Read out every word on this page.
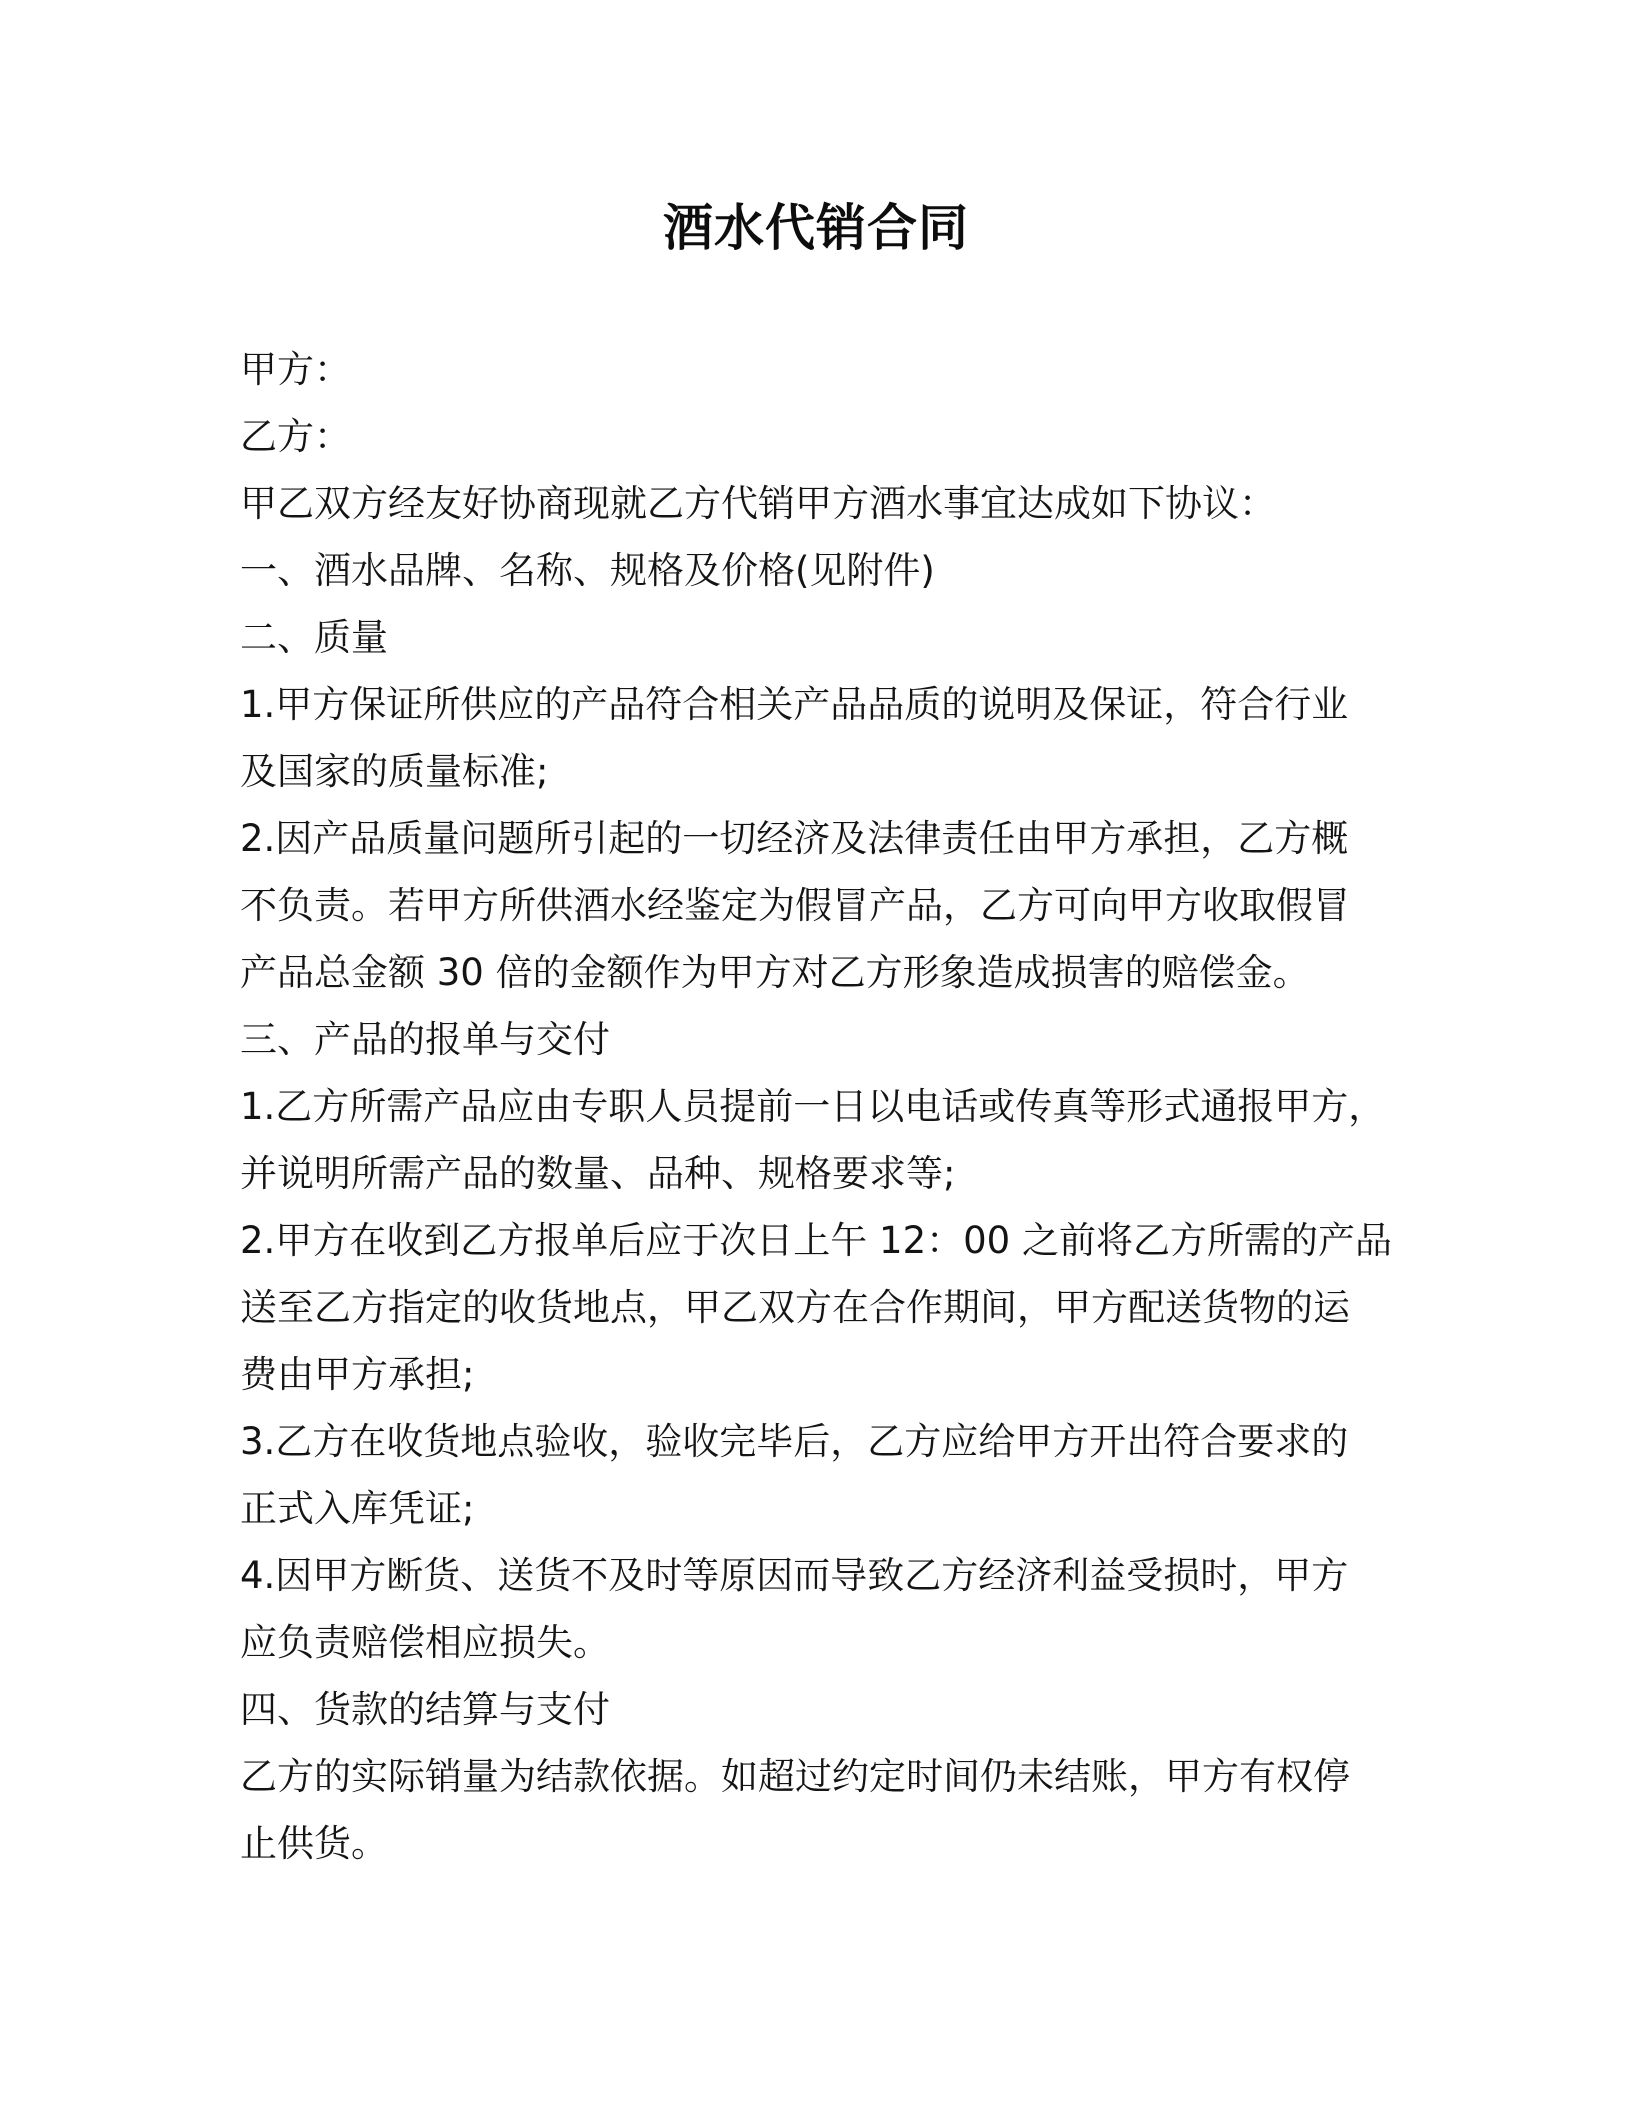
酒水代销合同
甲方：
乙方：
甲乙双方经友好协商现就乙方代销甲方酒水事宜达成如下协议：
一、酒水品牌、名称、规格及价格(见附件)
二、质量
1.甲方保证所供应的产品符合相关产品品质的说明及保证，符合行业
及国家的质量标准;
2.因产品质量问题所引起的一切经济及法律责任由甲方承担，乙方概
不负责。若甲方所供酒水经鉴定为假冒产品，乙方可向甲方收取假冒
产品总金额 30 倍的金额作为甲方对乙方形象造成损害的赔偿金。
三、产品的报单与交付
1.乙方所需产品应由专职人员提前一日以电话或传真等形式通报甲方，
并说明所需产品的数量、品种、规格要求等;
2.甲方在收到乙方报单后应于次日上午 12：00 之前将乙方所需的产品
送至乙方指定的收货地点，甲乙双方在合作期间，甲方配送货物的运
费由甲方承担;
3.乙方在收货地点验收，验收完毕后，乙方应给甲方开出符合要求的
正式入库凭证;
4.因甲方断货、送货不及时等原因而导致乙方经济利益受损时，甲方
应负责赔偿相应损失。
四、货款的结算与支付
乙方的实际销量为结款依据。如超过约定时间仍未结账，甲方有权停
止供货。
